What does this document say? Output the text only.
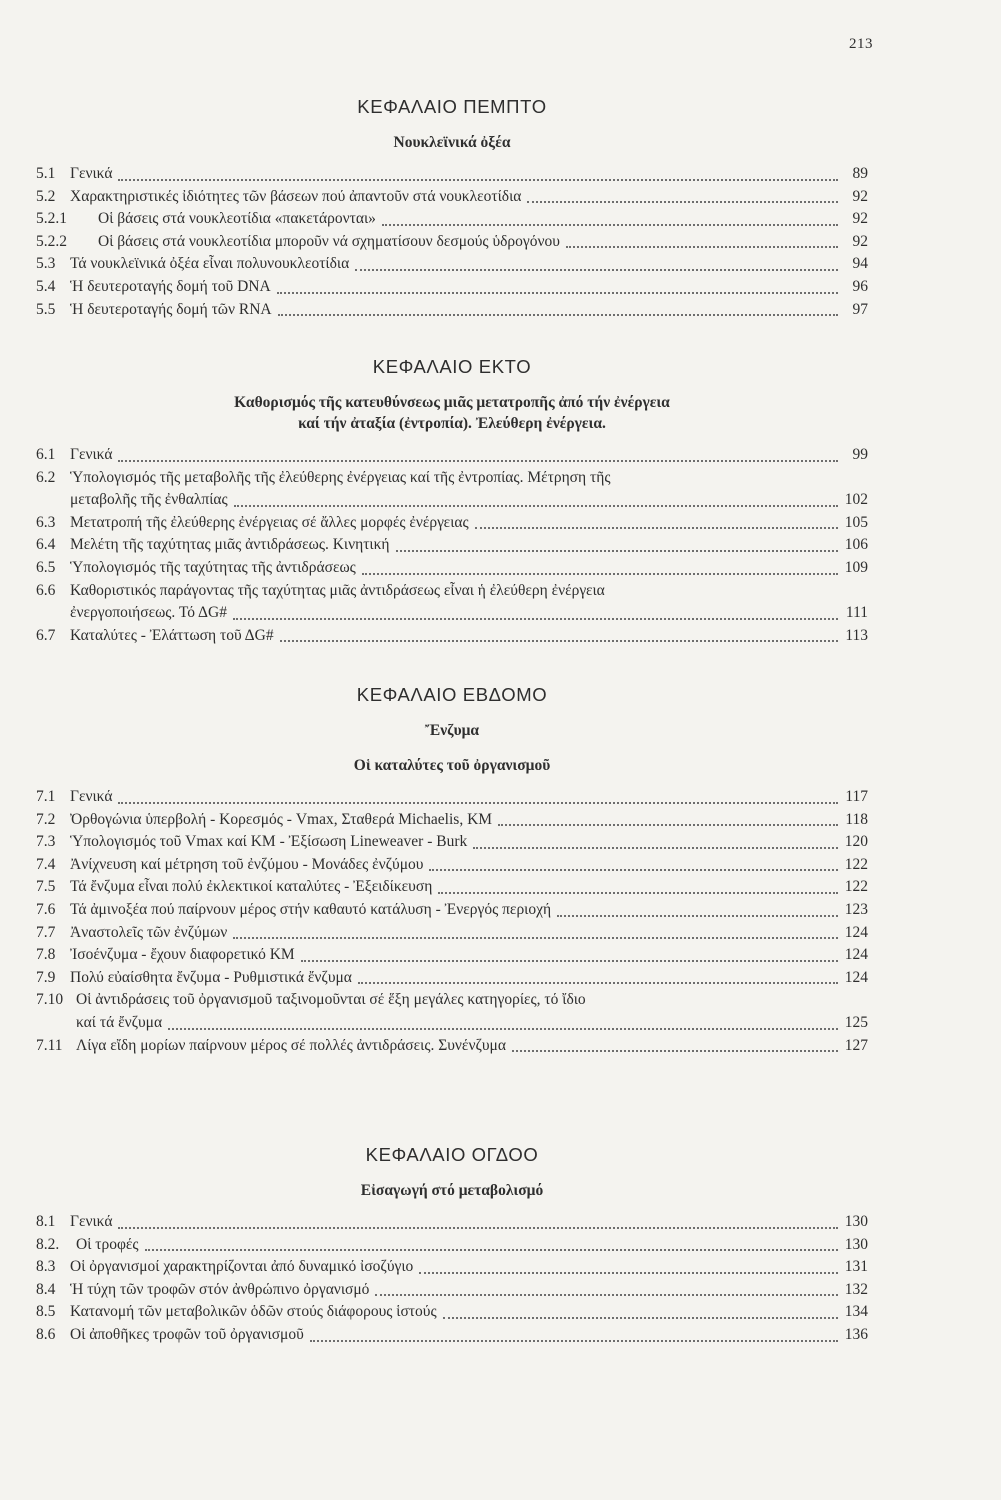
213
ΚΕΦΑΛΑΙΟ ΠΕΜΠΤΟ
Νουκλεϊνικά ὀξέα
5.1 Γενικά	89
5.2 Χαρακτηριστικές ἰδιότητες τῶν βάσεων πού ἀπαντοῦν στά νουκλεοτίδια	92
5.2.1	Οἱ βάσεις στά νουκλεοτίδια «πακετάρονται»	92
5.2.2	Οἱ βάσεις στά νουκλεοτίδια μποροῦν νά σχηματίσουν δεσμούς ὑδρογόνου	92
5.3 Τά νουκλεϊνικά ὀξέα εἶναι πολυνουκλεοτίδια	94
5.4 Ἡ δευτεροταγής δομή τοῦ DNA	96
5.5 Ἡ δευτεροταγής δομή τῶν RNA	97
ΚΕΦΑΛΑΙΟ ΕΚΤΟ
Καθορισμός τῆς κατευθύνσεως μιᾶς μετατροπῆς ἀπό τήν ἐνέργεια
καί τήν ἀταξία (ἐντροπία). Ἐλεύθερη ἐνέργεια.
6.1 Γενικά	99
6.2 Ὑπολογισμός τῆς μεταβολῆς τῆς ἐλεύθερης ἐνέργειας καί τῆς ἐντροπίας. Μέτρηση τῆς
μεταβολῆς τῆς ἐνθαλπίας	102
6.3 Μετατροπή τῆς ἐλεύθερης ἐνέργειας σέ ἄλλες μορφές ἐνέργειας	105
6.4 Μελέτη τῆς ταχύτητας μιᾶς ἀντιδράσεως. Κινητική	106
6.5 Ὑπολογισμός τῆς ταχύτητας τῆς ἀντιδράσεως	109
6.6 Καθοριστικός παράγοντας τῆς ταχύτητας μιᾶς ἀντιδράσεως εἶναι ἡ ἐλεύθερη ἐνέργεια
ἐνεργοποιήσεως. Τό ΔG#	111
6.7 Καταλύτες - Ἐλάττωση τοῦ ΔG#	113
ΚΕΦΑΛΑΙΟ ΕΒΔΟΜΟ
Ἔνζυμα
Οἱ καταλύτες τοῦ ὀργανισμοῦ
7.1 Γενικά	117
7.2 Ὀρθογώνια ὑπερβολή - Κορεσμός - Vmax, Σταθερά Michaelis, KM	118
7.3 Ὑπολογισμός τοῦ Vmax καί KM - Ἐξίσωση Lineweaver - Burk	120
7.4 Ἀνίχνευση καί μέτρηση τοῦ ἐνζύμου - Μονάδες ἐνζύμου	122
7.5 Τά ἔνζυμα εἶναι πολύ ἐκλεκτικοί καταλύτες - Ἐξειδίκευση	122
7.6 Τά ἀμινοξέα πού παίρνουν μέρος στήν καθαυτό κατάλυση - Ἐνεργός περιοχή	123
7.7 Ἀναστολεῖς τῶν ἐνζύμων	124
7.8 Ἰσοένζυμα - ἔχουν διαφορετικό KM	124
7.9 Πολύ εὐαίσθητα ἔνζυμα - Ρυθμιστικά ἔνζυμα	124
7.10 Οἱ ἀντιδράσεις τοῦ ὀργανισμοῦ ταξινομοῦνται σέ ἕξη μεγάλες κατηγορίες, τό ἴδιο
καί τά ἔνζυμα	125
7.11 Λίγα εἴδη μορίων παίρνουν μέρος σέ πολλές ἀντιδράσεις. Συνένζυμα	127
ΚΕΦΑΛΑΙΟ ΟΓΔΟΟ
Εἰσαγωγή στό μεταβολισμό
8.1 Γενικά	130
8.2.	Οἱ τροφές	130
8.3 Οἱ ὀργανισμοί χαρακτηρίζονται ἀπό δυναμικό ἰσοζύγιο	131
8.4 Ἡ τύχη τῶν τροφῶν στόν ἀνθρώπινο ὀργανισμό	132
8.5 Κατανομή τῶν μεταβολικῶν ὁδῶν στούς διάφορους ἱστούς	134
8.6 Οἱ ἀποθῆκες τροφῶν τοῦ ὀργανισμοῦ	136
